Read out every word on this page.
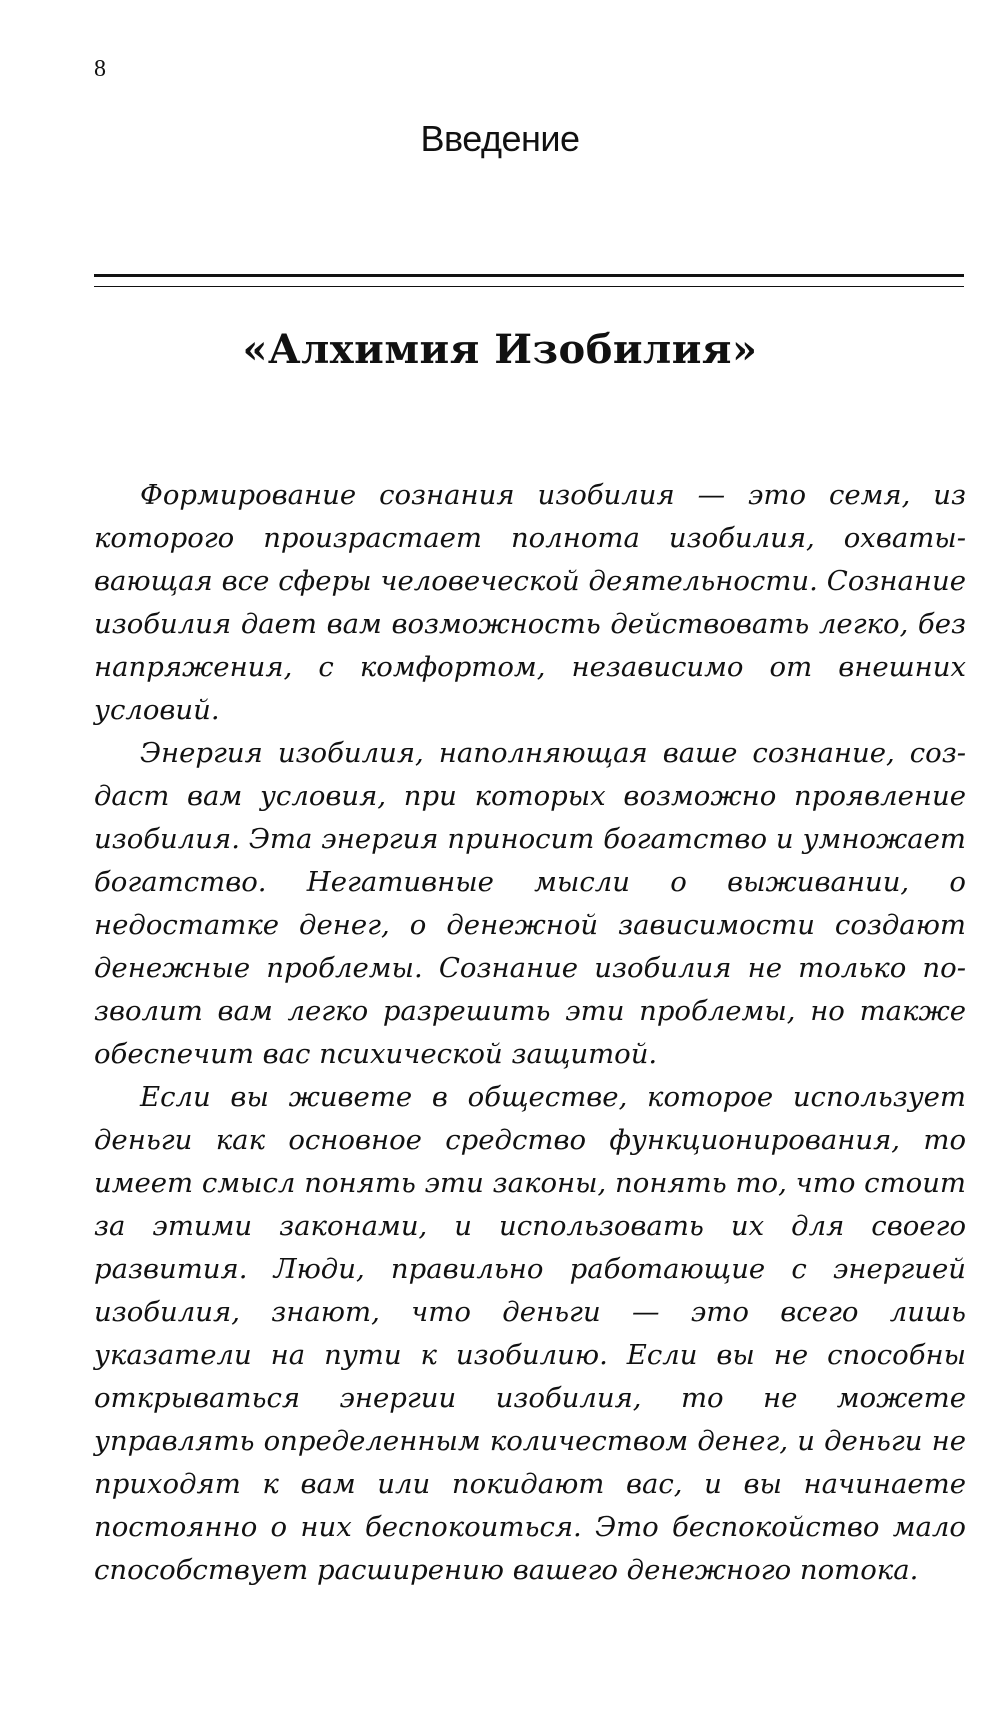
8
Введение
«Алхимия Изобилия»

Формирование сознания изобилия — это семя, из которого произрастает полнота изобилия, охватывающая все сферы человеческой деятельности. Сознание изобилия дает вам возможность действовать легко, без напряжения, с комфортом, независимо от внешних условий.

Энергия изобилия, наполняющая ваше сознание, создаст вам условия, при которых возможно проявление изобилия. Эта энергия приносит богатство и умножает богатство. Негативные мысли о выживании, о недостатке денег, о денежной зависимости создают денежные проблемы. Сознание изобилия не только позволит вам легко разрешить эти проблемы, но также обеспечит вас психической защитой.

Если вы живете в обществе, которое использует деньги как основное средство функционирования, то имеет смысл понять эти законы, понять то, что стоит за этими законами, и использовать их для своего развития. Люди, правильно работающие с энергией изобилия, знают, что деньги — это всего лишь указатели на пути к изобилию. Если вы не способны открываться энергии изобилия, то не можете управлять определенным количеством денег, и деньги не приходят к вам или покидают вас, и вы начинаете постоянно о них беспокоиться. Это беспокойство мало способствует расширению вашего денежного потока.
